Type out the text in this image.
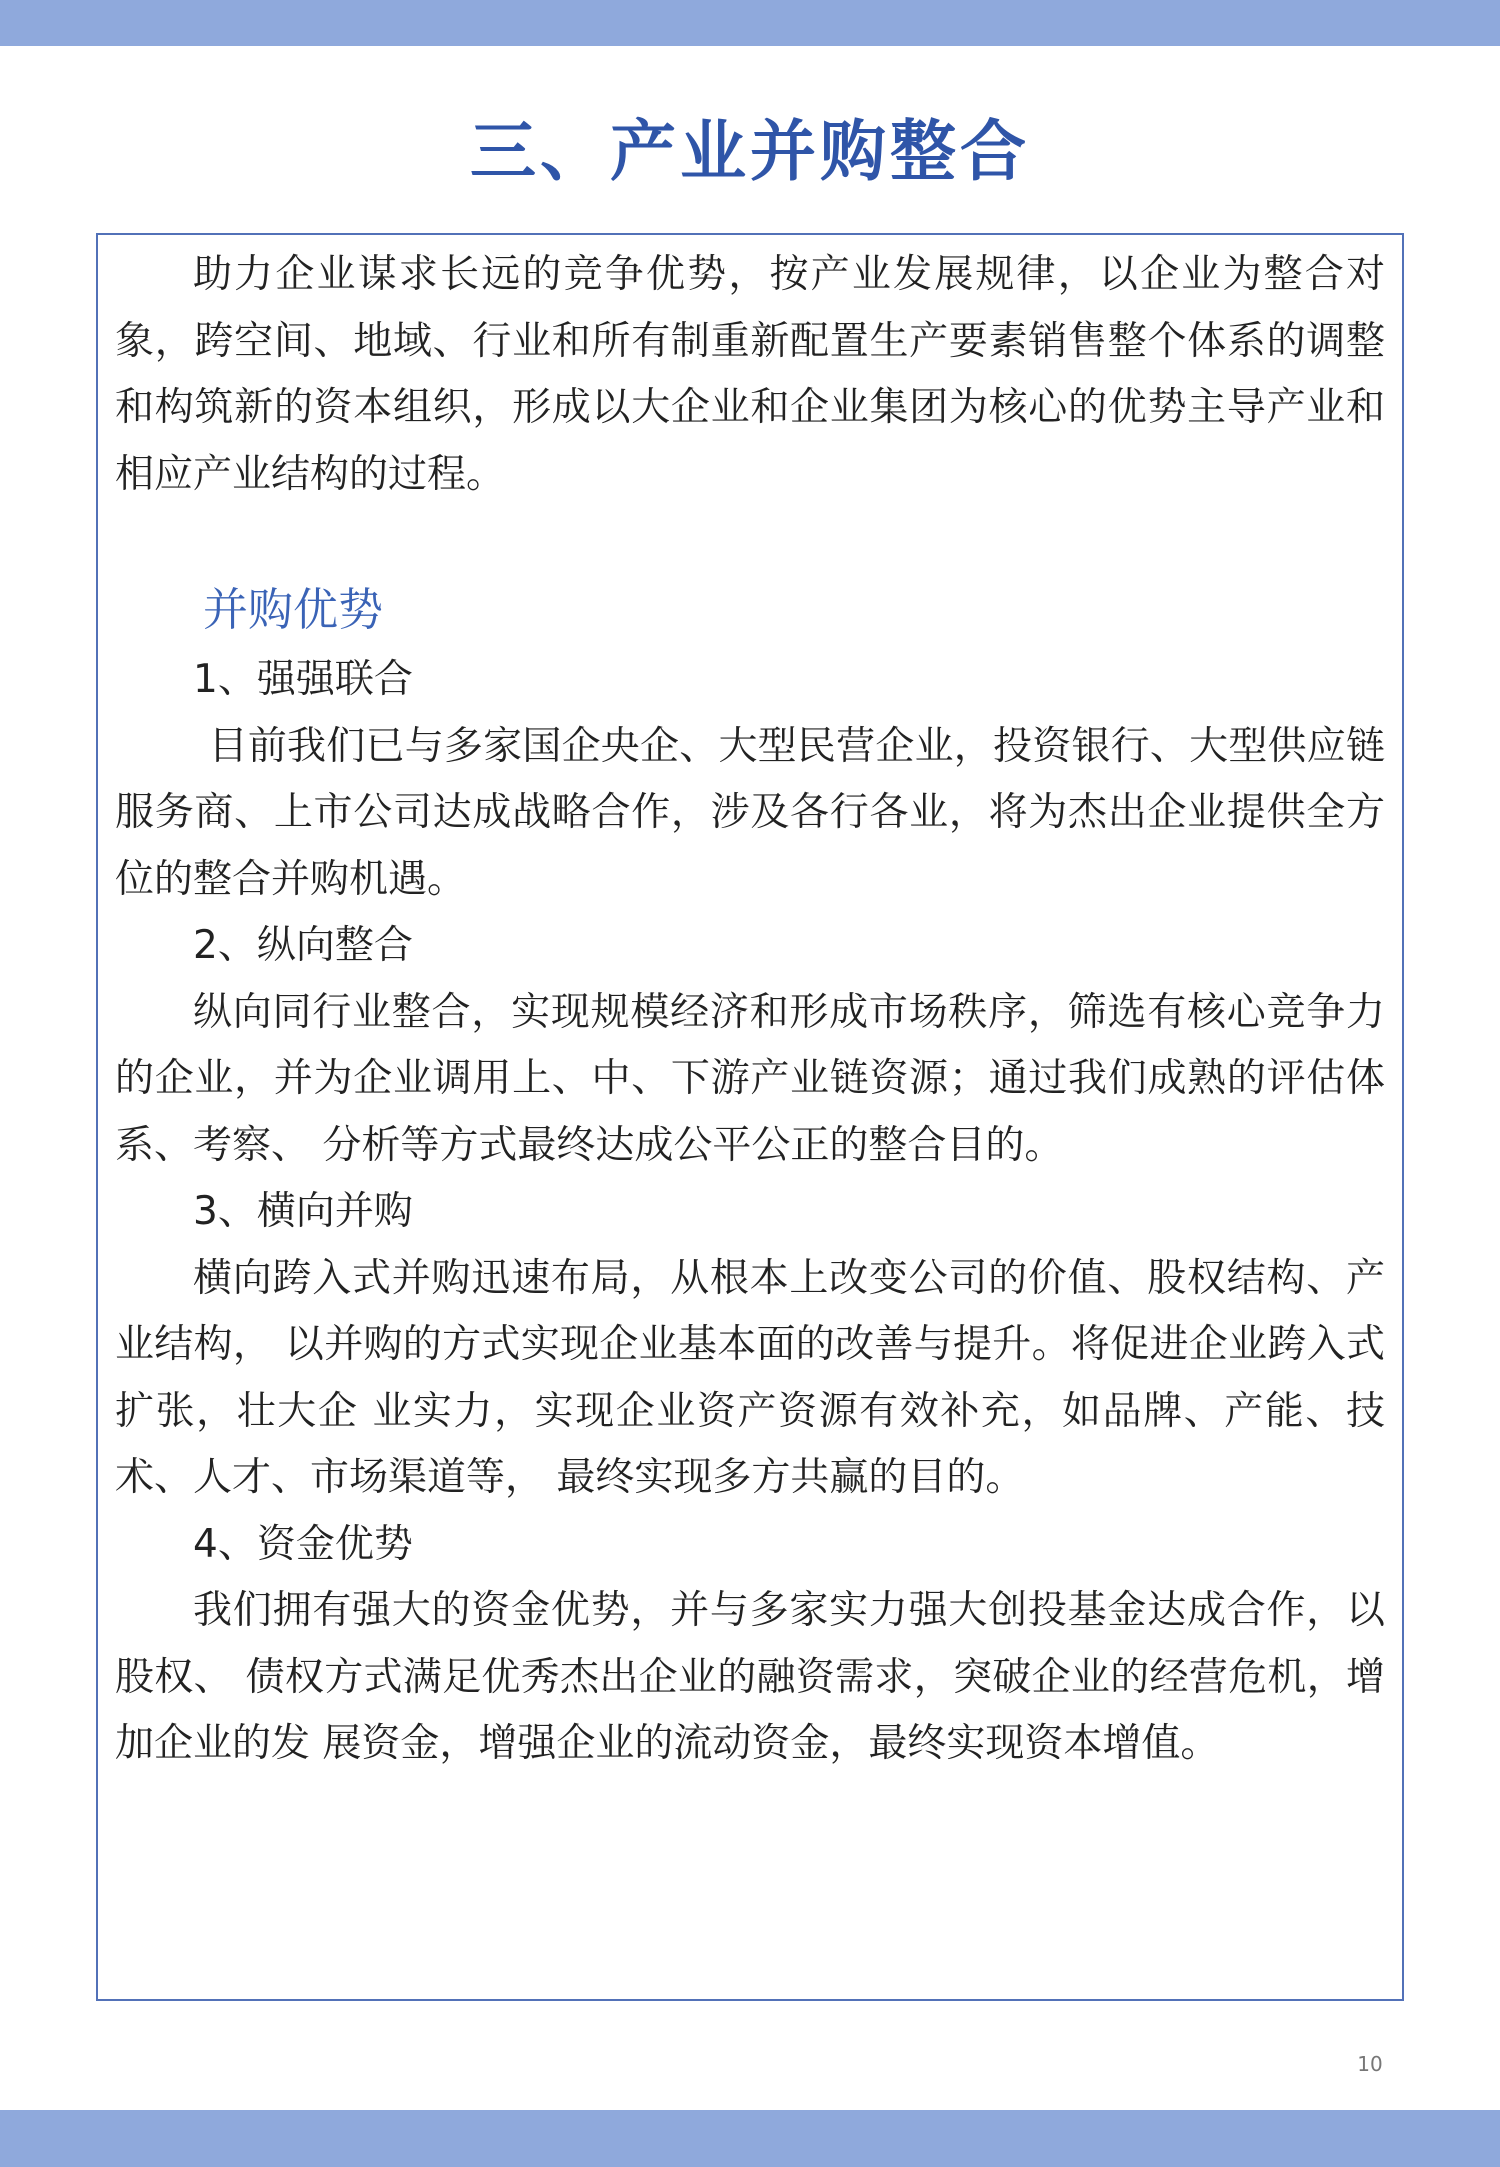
三、产业并购整合

助力企业谋求长远的竞争优势，按产业发展规律，以企业为整合对象，跨空间、地域、行业和所有制重新配置生产要素销售整个体系的调整和构筑新的资本组织，形成以大企业和企业集团为核心的优势主导产业和相应产业结构的过程。

并购优势

1、强强联合

目前我们已与多家国企央企、大型民营企业，投资银行、大型供应链服务商、上市公司达成战略合作，涉及各行各业，将为杰出企业提供全方位的整合并购机遇。

2、纵向整合

纵向同行业整合，实现规模经济和形成市场秩序，筛选有核心竞争力的企业，并为企业调用上、中、下游产业链资源；通过我们成熟的评估体系、考察、 分析等方式最终达成公平公正的整合目的。

3、横向并购

横向跨入式并购迅速布局，从根本上改变公司的价值、股权结构、产业结构， 以并购的方式实现企业基本面的改善与提升。将促进企业跨入式扩张，壮大企 业实力，实现企业资产资源有效补充，如品牌、产能、技术、人才、市场渠道等， 最终实现多方共赢的目的。

4、资金优势

我们拥有强大的资金优势，并与多家实力强大创投基金达成合作，以股权、 债权方式满足优秀杰出企业的融资需求，突破企业的经营危机，增加企业的发 展资金，增强企业的流动资金，最终实现资本增值。

10
